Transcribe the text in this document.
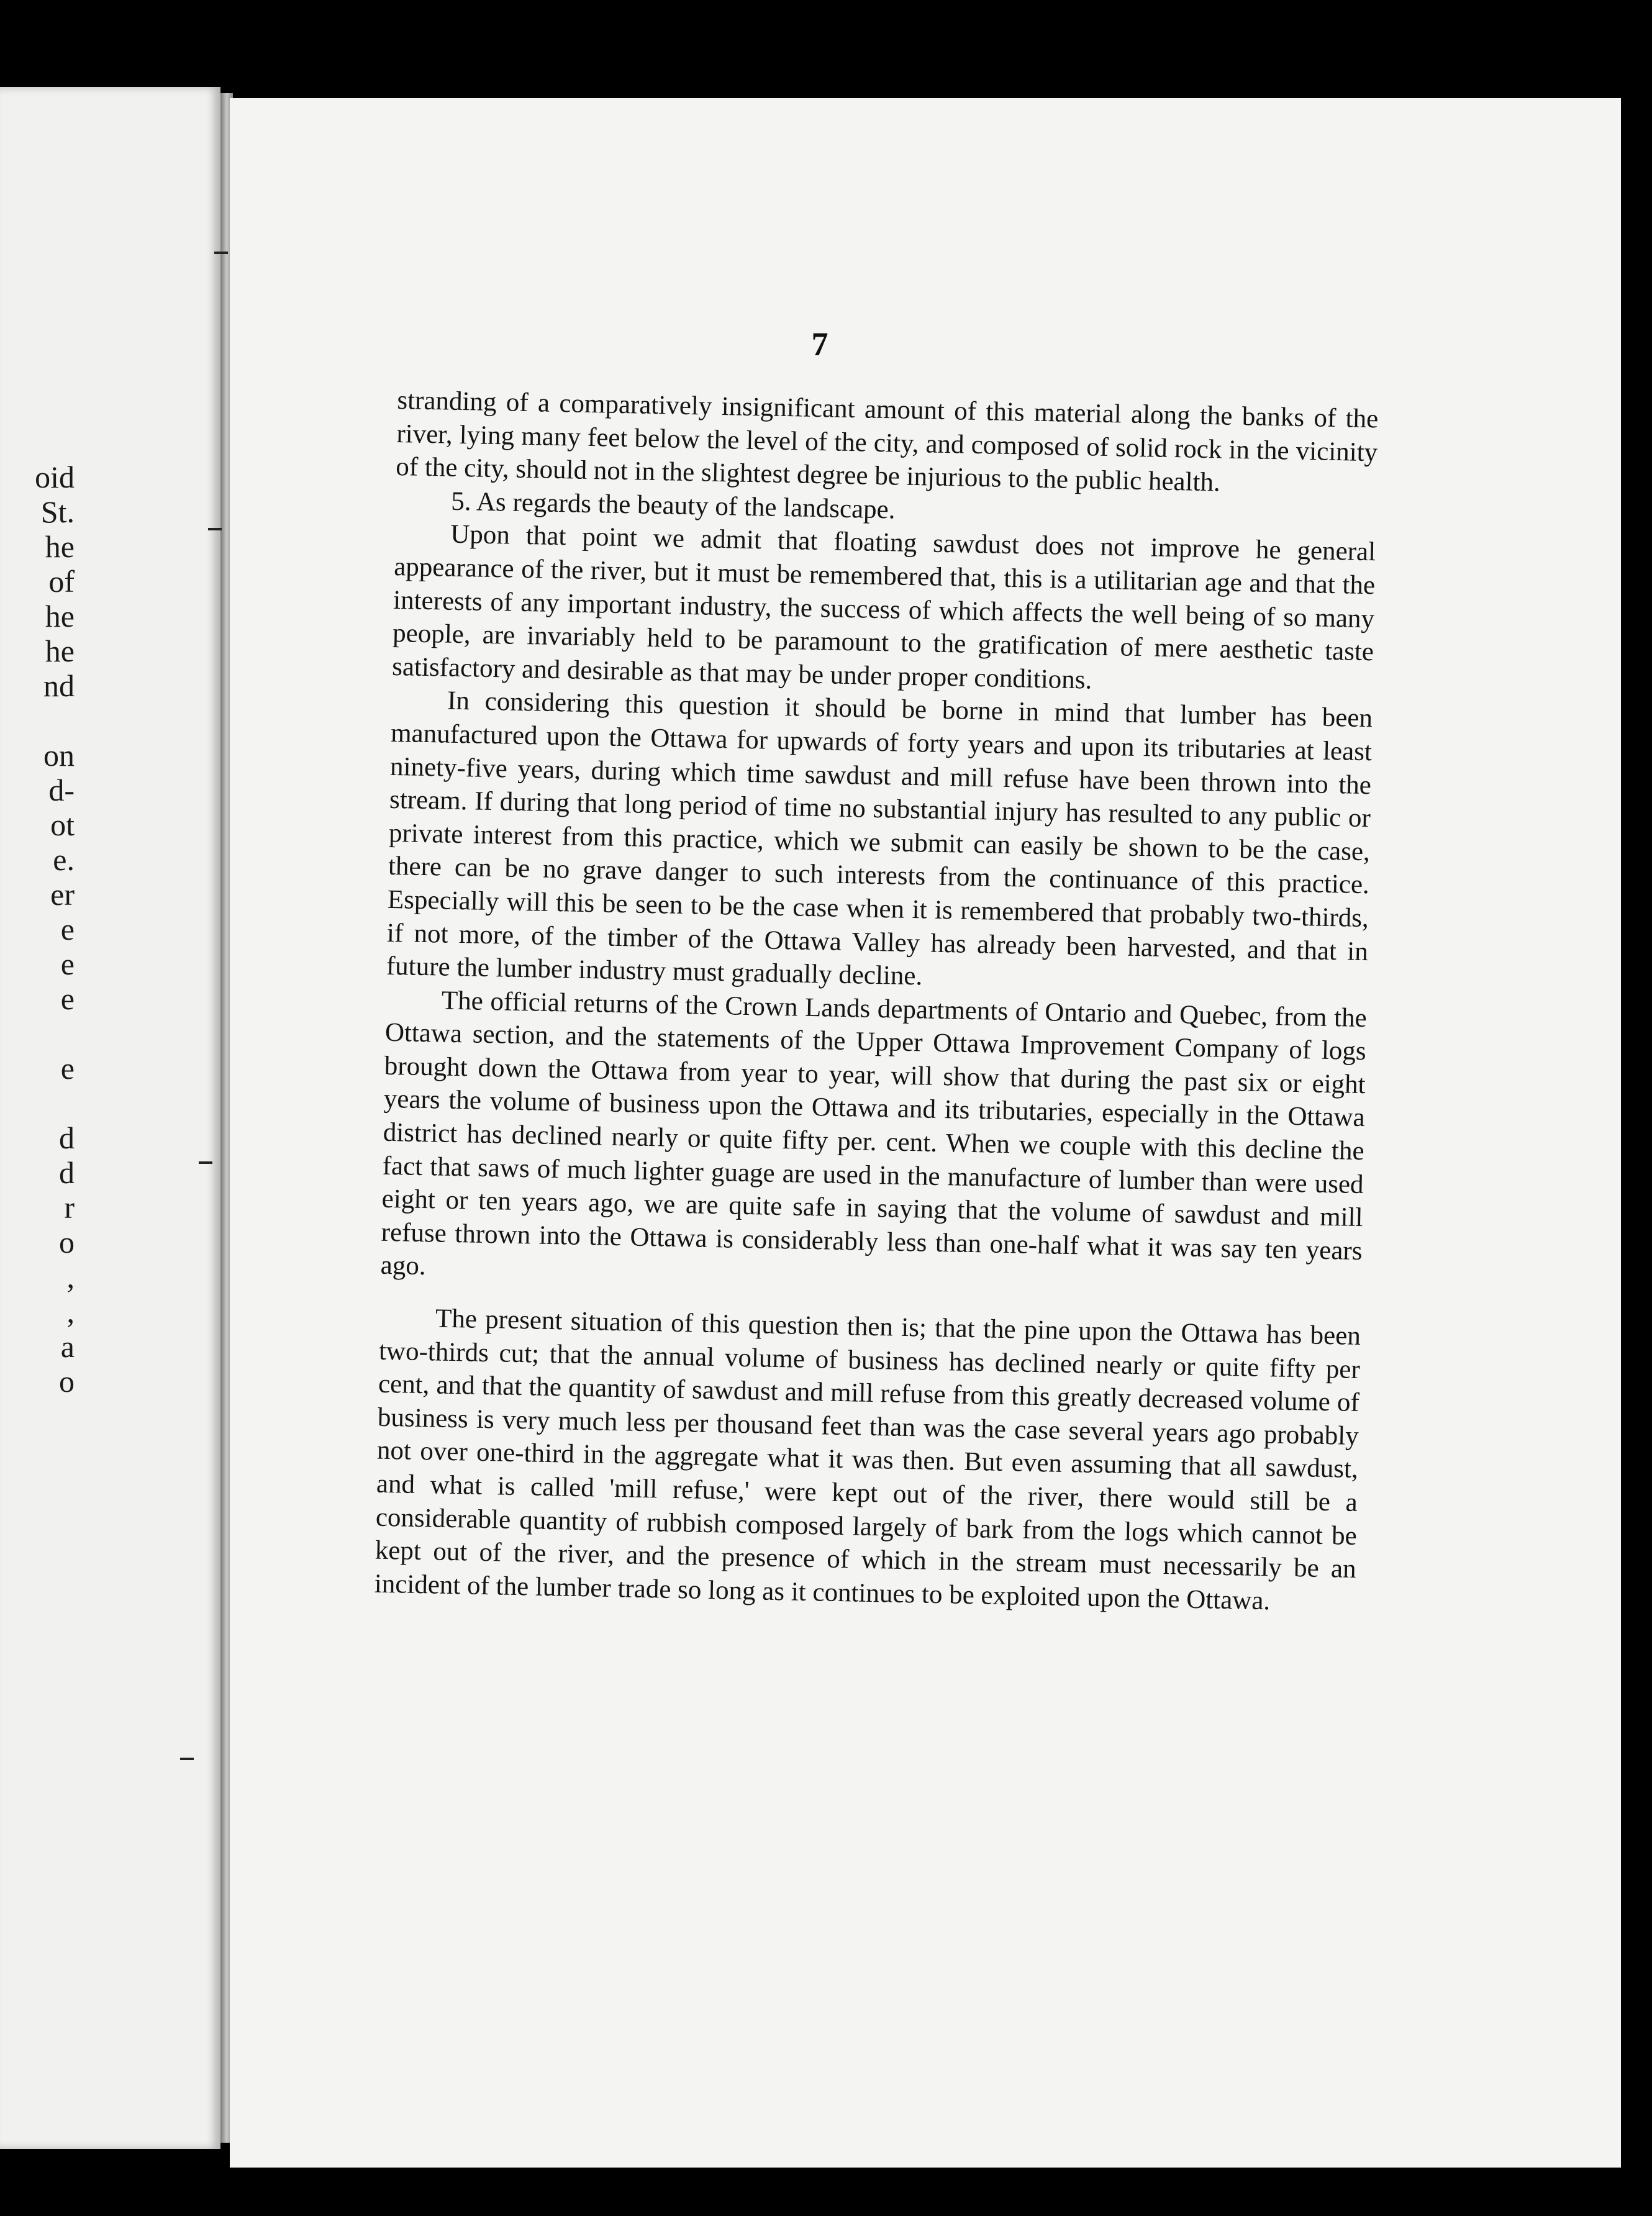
oid
St.
he
of
he
he
nd
on
d-
ot
e.
er
e
e
e
e
d
d
r
o
,
,
a
o
7

stranding of a comparatively insignificant amount of this material along the banks of the river, lying many feet below the level of the city, and composed of solid rock in the vicinity of the city, should not in the slightest degree be injurious to the public health.

5. As regards the beauty of the landscape.

Upon that point we admit that floating sawdust does not improve he general appearance of the river, but it must be remembered that, this is a utilitarian age and that the interests of any important industry, the success of which affects the well being of so many people, are invariably held to be paramount to the gratification of mere aesthetic taste satisfactory and desirable as that may be under proper conditions.

In considering this question it should be borne in mind that lumber has been manufactured upon the Ottawa for upwards of forty years and upon its tributaries at least ninety-five years, during which time sawdust and mill refuse have been thrown into the stream. If during that long period of time no substantial injury has resulted to any public or private interest from this practice, which we submit can easily be shown to be the case, there can be no grave danger to such interests from the continuance of this practice. Especially will this be seen to be the case when it is remembered that probably two-thirds, if not more, of the timber of the Ottawa Valley has already been harvested, and that in future the lumber industry must gradually decline.

The official returns of the Crown Lands departments of Ontario and Quebec, from the Ottawa section, and the statements of the Upper Ottawa Improvement Company of logs brought down the Ottawa from year to year, will show that during the past six or eight years the volume of business upon the Ottawa and its tributaries, especially in the Ottawa district has declined nearly or quite fifty per. cent. When we couple with this decline the fact that saws of much lighter guage are used in the manufacture of lumber than were used eight or ten years ago, we are quite safe in saying that the volume of sawdust and mill refuse thrown into the Ottawa is considerably less than one-half what it was say ten years ago.

The present situation of this question then is; that the pine upon the Ottawa has been two-thirds cut; that the annual volume of business has declined nearly or quite fifty per cent, and that the quantity of sawdust and mill refuse from this greatly decreased volume of business is very much less per thousand feet than was the case several years ago probably not over one-third in the aggregate what it was then. But even assuming that all sawdust, and what is called 'mill refuse,' were kept out of the river, there would still be a considerable quantity of rubbish composed largely of bark from the logs which cannot be kept out of the river, and the presence of which in the stream must necessarily be an incident of the lumber trade so long as it continues to be exploited upon the Ottawa.
